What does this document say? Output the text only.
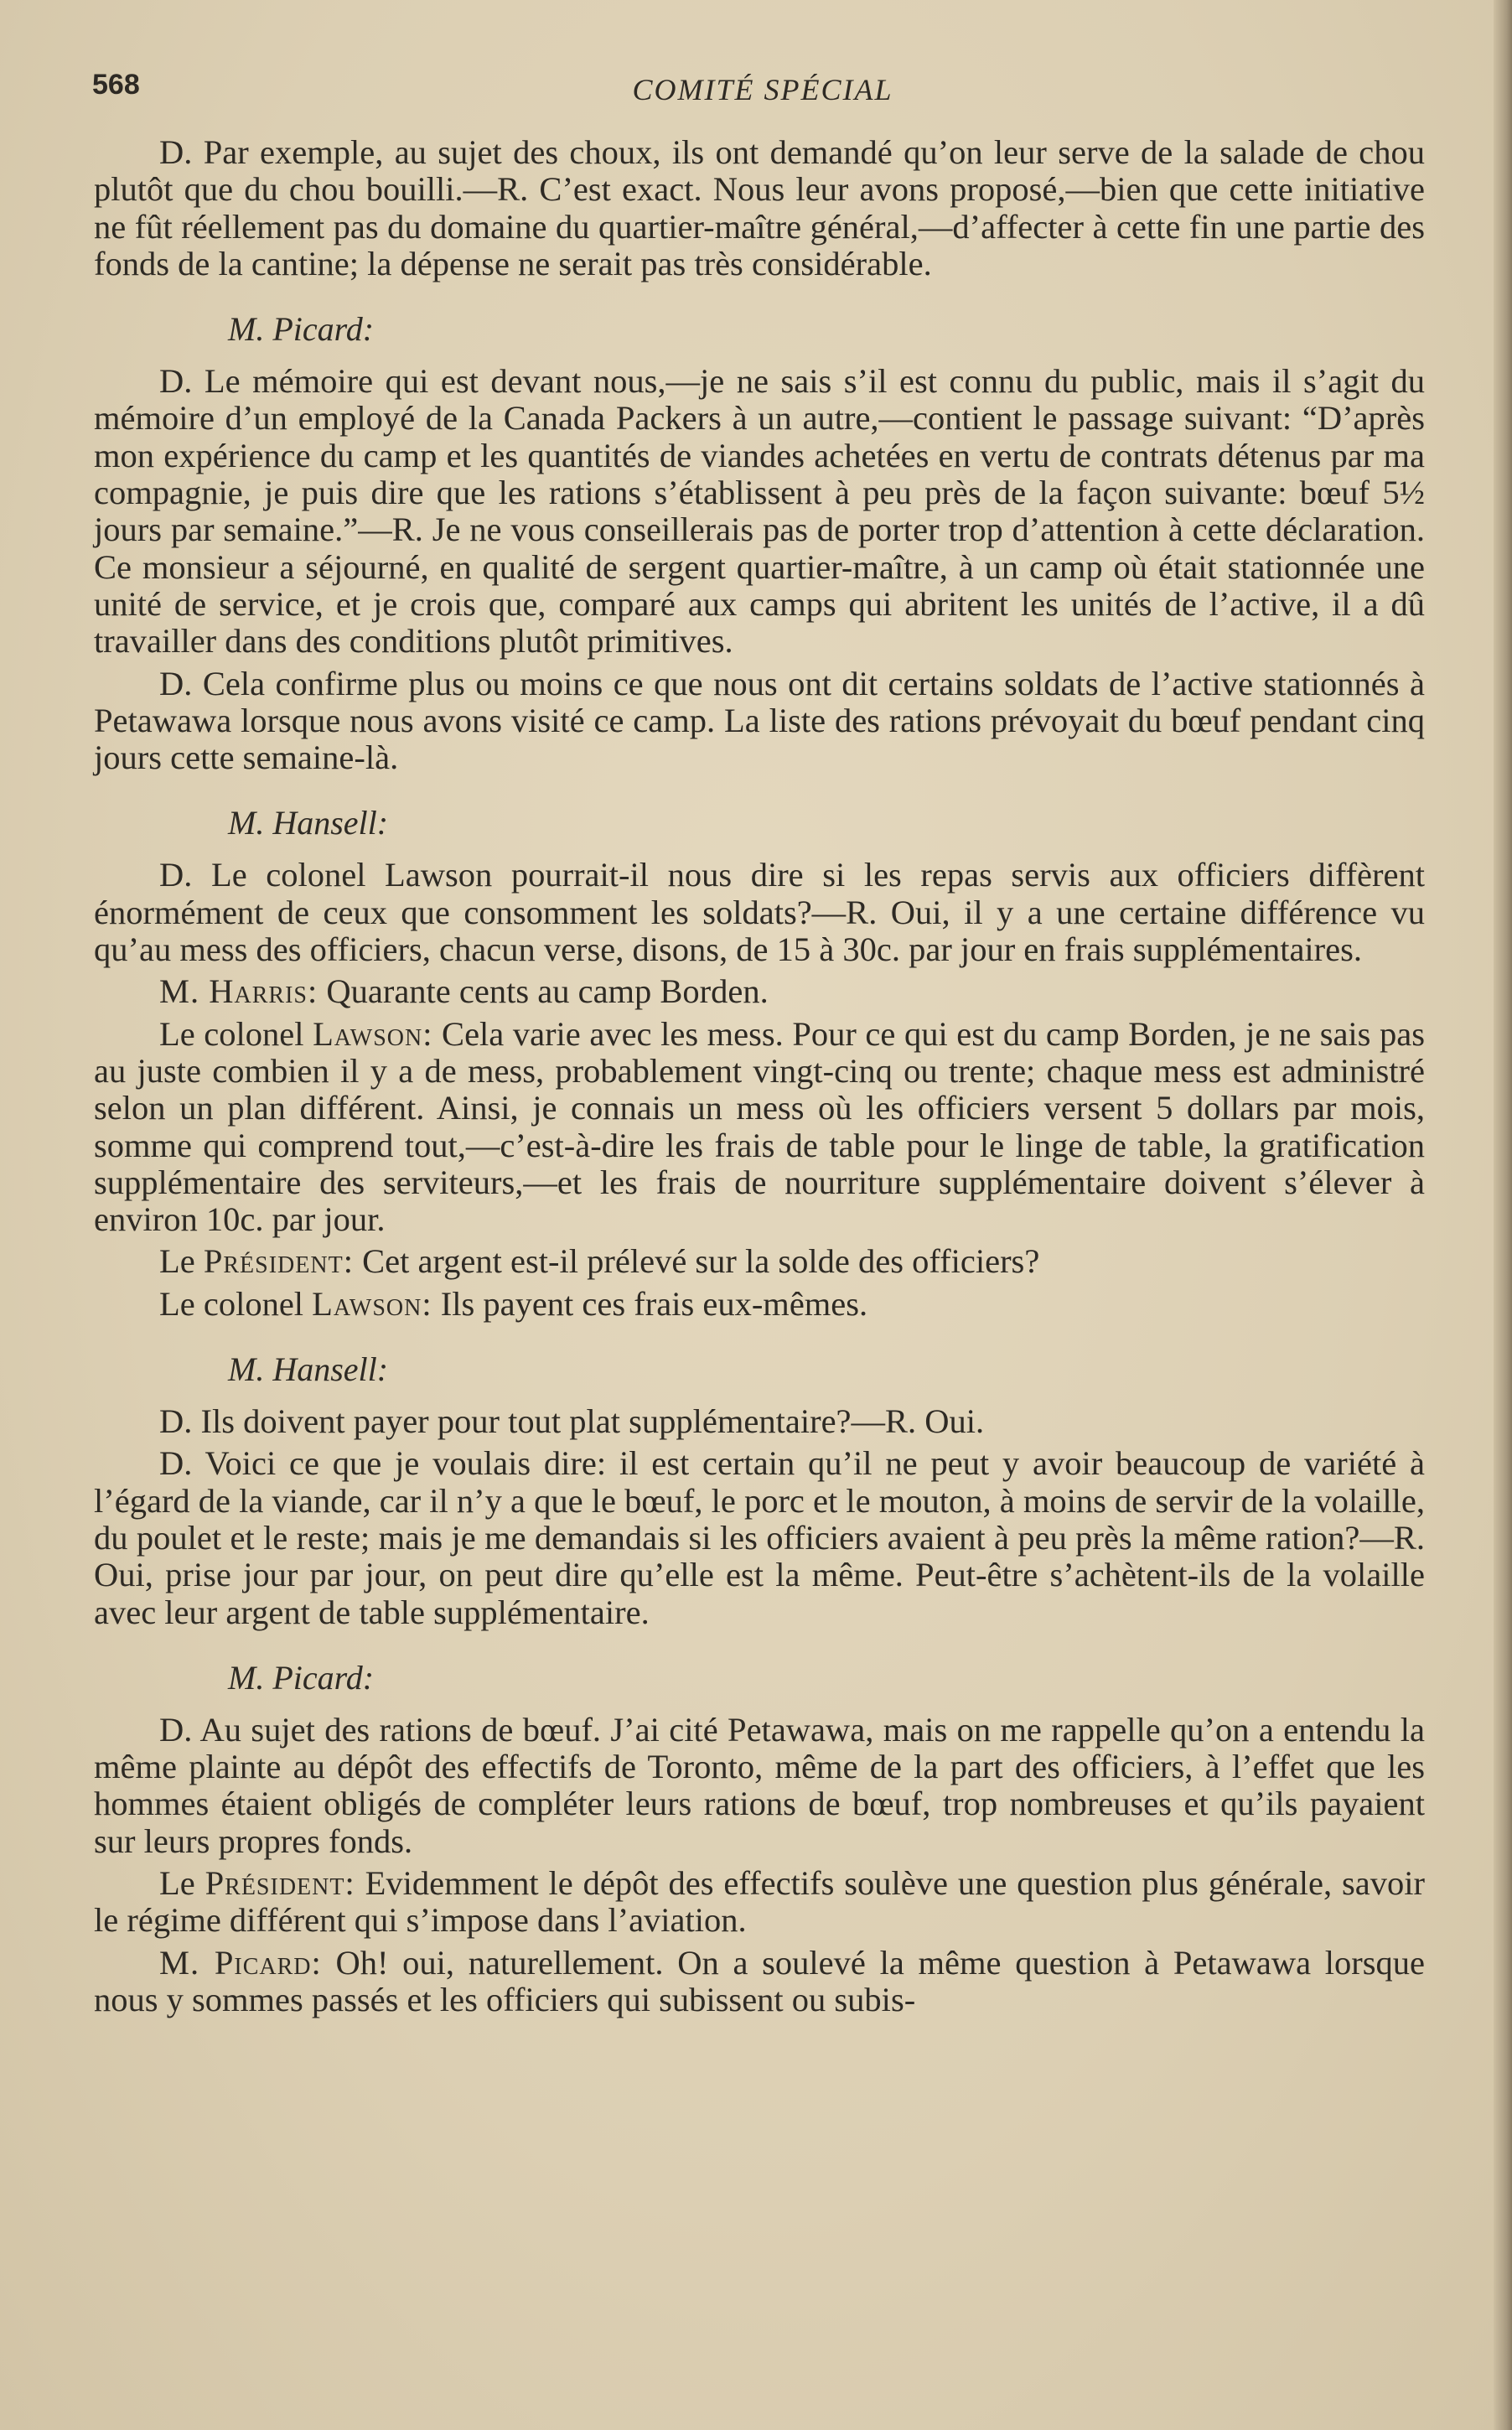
568	COMITÉ SPÉCIAL

D. Par exemple, au sujet des choux, ils ont demandé qu’on leur serve de la salade de chou plutôt que du chou bouilli.—R. C’est exact. Nous leur avons proposé,—bien que cette initiative ne fût réellement pas du domaine du quartier-maître général,—d’affecter à cette fin une partie des fonds de la cantine; la dépense ne serait pas très considérable.

M. Picard:

D. Le mémoire qui est devant nous,—je ne sais s’il est connu du public, mais il s’agit du mémoire d’un employé de la Canada Packers à un autre,—contient le passage suivant: “D’après mon expérience du camp et les quantités de viandes achetées en vertu de contrats détenus par ma compagnie, je puis dire que les rations s’établissent à peu près de la façon suivante: bœuf 5½ jours par semaine.”—R. Je ne vous conseillerais pas de porter trop d’attention à cette déclaration. Ce monsieur a séjourné, en qualité de sergent quartier-maître, à un camp où était stationnée une unité de service, et je crois que, comparé aux camps qui abritent les unités de l’active, il a dû travailler dans des conditions plutôt primitives.

D. Cela confirme plus ou moins ce que nous ont dit certains soldats de l’active stationnés à Petawawa lorsque nous avons visité ce camp. La liste des rations prévoyait du bœuf pendant cinq jours cette semaine-là.

M. Hansell:

D. Le colonel Lawson pourrait-il nous dire si les repas servis aux officiers diffèrent énormément de ceux que consomment les soldats?—R. Oui, il y a une certaine différence vu qu’au mess des officiers, chacun verse, disons, de 15 à 30c. par jour en frais supplémentaires.

M. Harris: Quarante cents au camp Borden.

Le colonel Lawson: Cela varie avec les mess. Pour ce qui est du camp Borden, je ne sais pas au juste combien il y a de mess, probablement vingt-cinq ou trente; chaque mess est administré selon un plan différent. Ainsi, je connais un mess où les officiers versent 5 dollars par mois, somme qui comprend tout,—c’est-à-dire les frais de table pour le linge de table, la gratification supplémentaire des serviteurs,—et les frais de nourriture supplémentaire doivent s’élever à environ 10c. par jour.

Le Président: Cet argent est-il prélevé sur la solde des officiers?

Le colonel Lawson: Ils payent ces frais eux-mêmes.

M. Hansell:

D. Ils doivent payer pour tout plat supplémentaire?—R. Oui.

D. Voici ce que je voulais dire: il est certain qu’il ne peut y avoir beaucoup de variété à l’égard de la viande, car il n’y a que le bœuf, le porc et le mouton, à moins de servir de la volaille, du poulet et le reste; mais je me demandais si les officiers avaient à peu près la même ration?—R. Oui, prise jour par jour, on peut dire qu’elle est la même. Peut-être s’achètent-ils de la volaille avec leur argent de table supplémentaire.

M. Picard:

D. Au sujet des rations de bœuf. J’ai cité Petawawa, mais on me rappelle qu’on a entendu la même plainte au dépôt des effectifs de Toronto, même de la part des officiers, à l’effet que les hommes étaient obligés de compléter leurs rations de bœuf, trop nombreuses et qu’ils payaient sur leurs propres fonds.

Le Président: Evidemment le dépôt des effectifs soulève une question plus générale, savoir le régime différent qui s’impose dans l’aviation.

M. Picard: Oh! oui, naturellement. On a soulevé la même question à Petawawa lorsque nous y sommes passés et les officiers qui subissent ou subis-
